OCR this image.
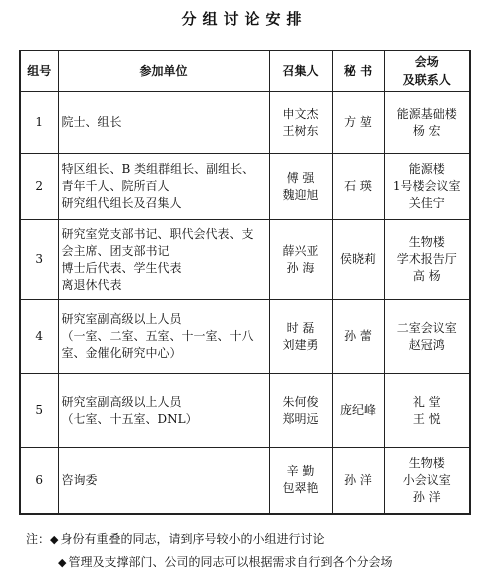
分组讨论安排
组号	参加单位	召集人	秘 书	会场
及联系人

1	院士、组长	申文杰
王树东	方 堃	能源基础楼
杨 宏

2	特区组长、B 类组群组长、副组长、
青年千人、院所百人
研究组代组长及召集人	傅 强
魏迎旭	石 瑛	能源楼
1号楼会议室
关佳宁

3	研究室党支部书记、职代会代表、支
会主席、团支部书记
博士后代表、学生代表
离退休代表	薛兴亚
孙 海	侯晓莉	生物楼
学术报告厅
高 杨

4	研究室副高级以上人员
（一室、二室、五室、十一室、十八
室、金催化研究中心）	时 磊
刘建勇	孙 蕾	二室会议室
赵冠鸿

5	研究室副高级以上人员
（七室、十五室、DNL）	朱何俊
郑明远	庞纪峰	礼 堂
王 悦

6	咨询委	辛 勤
包翠艳	孙 洋	生物楼
小会议室
孙 洋
注：◆ 身份有重叠的同志，请到序号较小的小组进行讨论
◆ 管理及支撑部门、公司的同志可以根据需求自行到各个分会场
